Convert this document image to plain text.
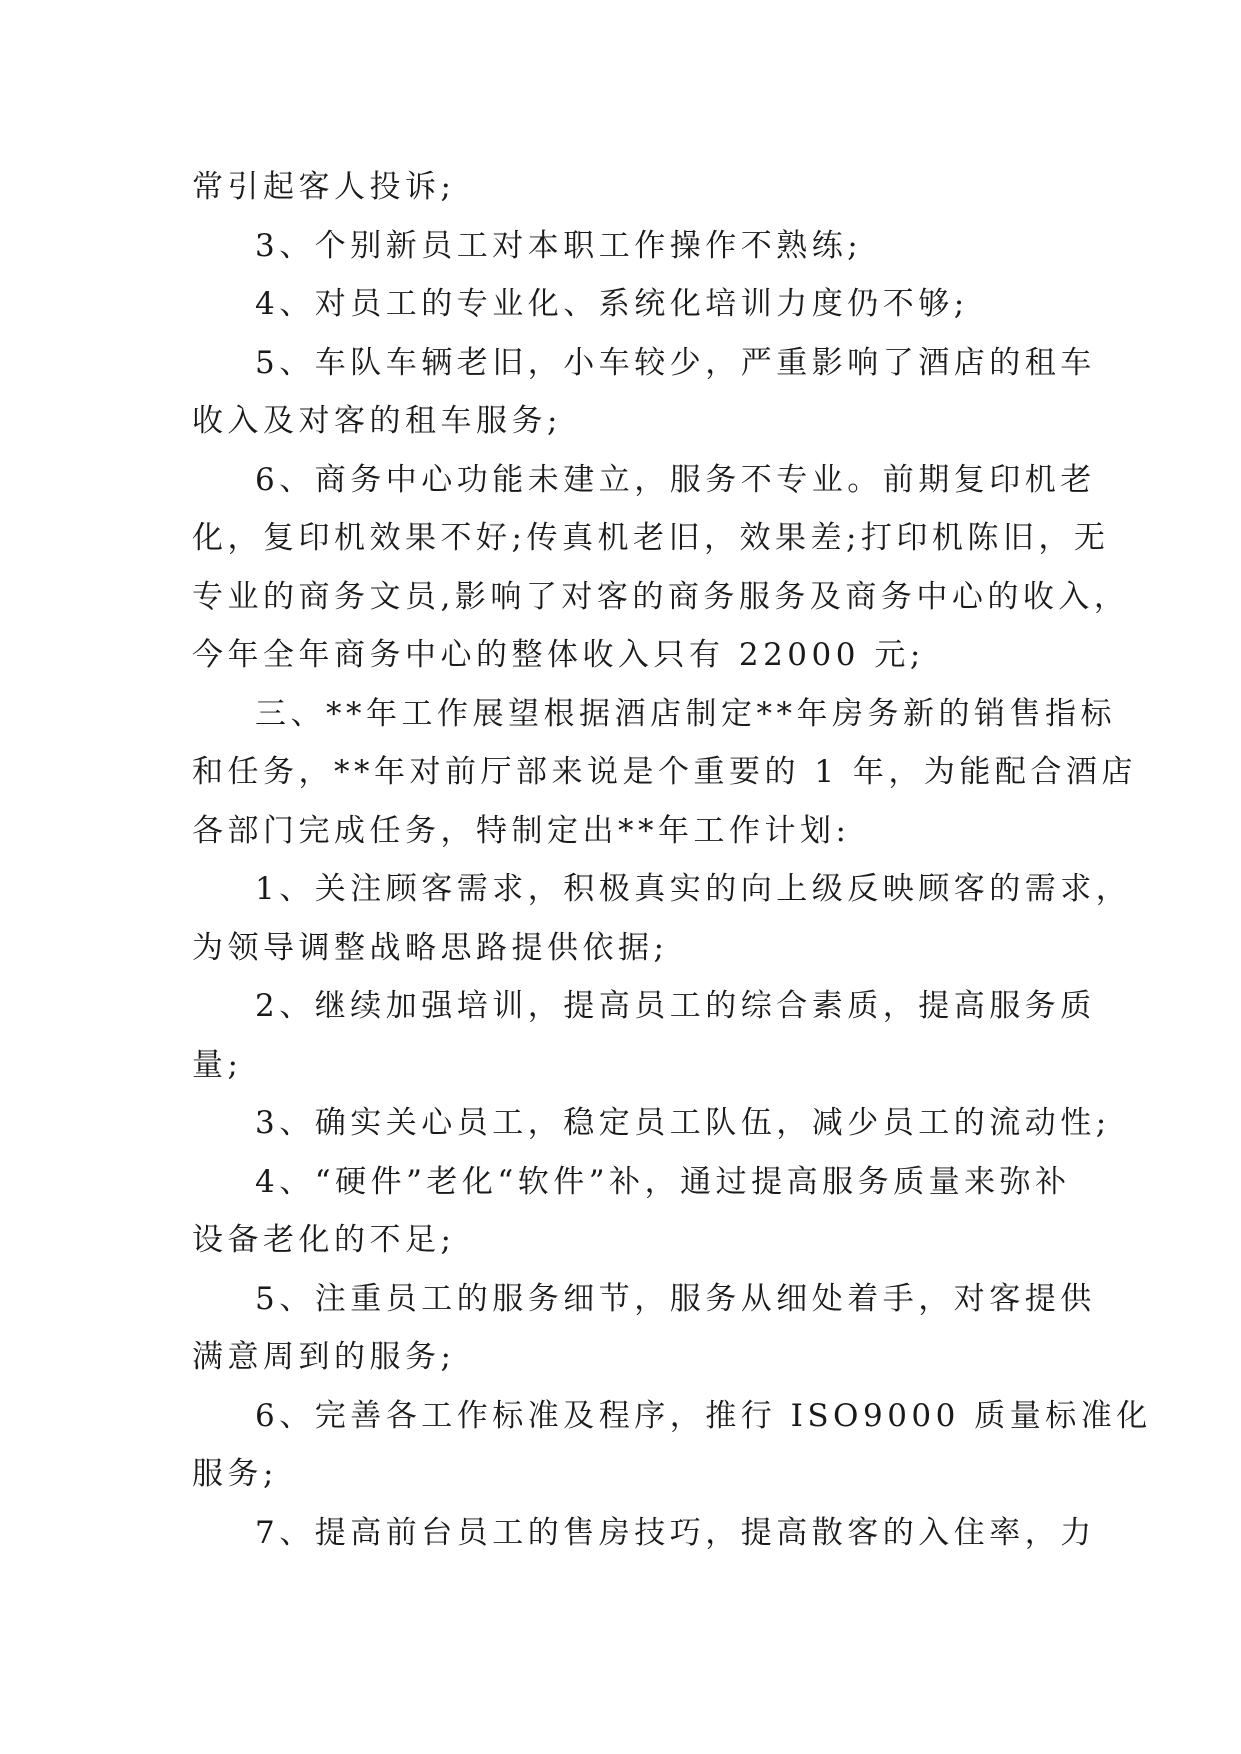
常引起客人投诉;
3、个别新员工对本职工作操作不熟练;
4、对员工的专业化、系统化培训力度仍不够;
5、车队车辆老旧，小车较少，严重影响了酒店的租车
收入及对客的租车服务;
6、商务中心功能未建立，服务不专业。前期复印机老
化，复印机效果不好;传真机老旧，效果差;打印机陈旧，无
专业的商务文员,影响了对客的商务服务及商务中心的收入，
今年全年商务中心的整体收入只有 22000 元;
三、**年工作展望根据酒店制定**年房务新的销售指标
和任务，**年对前厅部来说是个重要的 1 年，为能配合酒店
各部门完成任务，特制定出**年工作计划:
1、关注顾客需求，积极真实的向上级反映顾客的需求，
为领导调整战略思路提供依据;
2、继续加强培训，提高员工的综合素质，提高服务质
量;
3、确实关心员工，稳定员工队伍，减少员工的流动性;
4、“硬件”老化“软件”补，通过提高服务质量来弥补
设备老化的不足;
5、注重员工的服务细节，服务从细处着手，对客提供
满意周到的服务;
6、完善各工作标准及程序，推行 ISO9000 质量标准化
服务;
7、提高前台员工的售房技巧，提高散客的入住率，力
